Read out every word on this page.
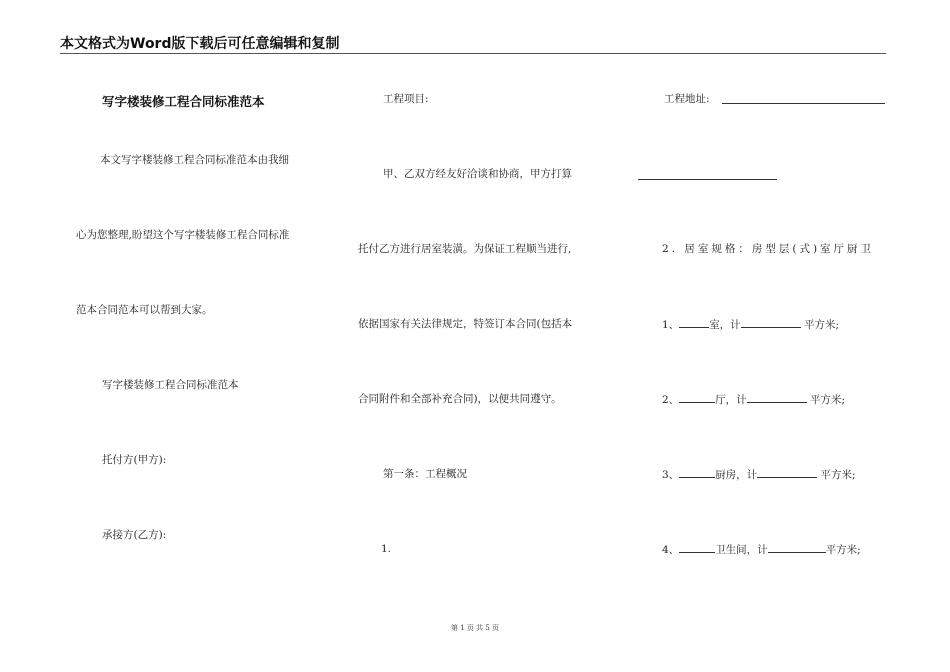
本文格式为Word版下载后可任意编辑和复制
写字楼装修工程合同标准范本
本文写字楼装修工程合同标准范本由我细
心为您整理,盼望这个写字楼装修工程合同标准
范本合同范本可以帮到大家。
写字楼装修工程合同标准范本
托付方(甲方):
承接方(乙方):
工程项目:
甲、乙双方经友好洽谈和协商，甲方打算
托付乙方进行居室装潢。为保证工程顺当进行,
依据国家有关法律规定，特签订本合同(包括本
合同附件和全部补充合同)，以便共同遵守。
第一条：工程概况
1.
工程地址:
2. 居室规格：房型层(式)室厅厨卫
1、	室，计	平方米;
2、	厅，计	平方米;
3、	厨房，计	平方米;
4、	卫生间，计	平方米;
第 1 页 共 5 页
